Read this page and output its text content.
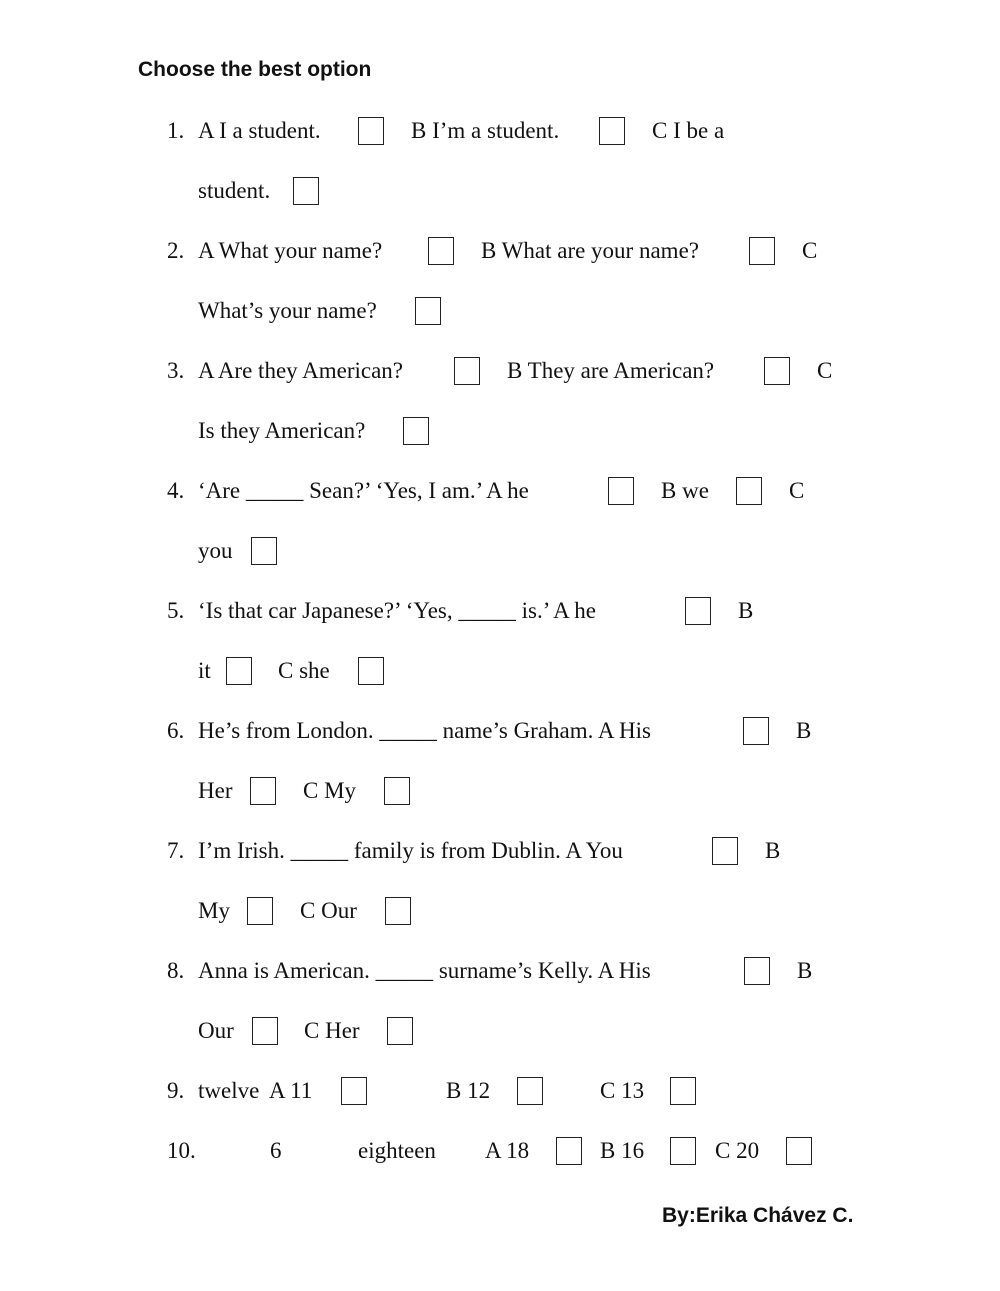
Choose the best option
1. A I a student.	B I’m a student.	C I be a
student.
2. A What your name?	B What are your name?	C
What’s your name?
3. A Are they American?	B They are American?	C
Is they American?
4. ‘Are _____ Sean?’ ‘Yes, I am.’ A he	B we	C
you
5. ‘Is that car Japanese?’ ‘Yes, _____ is.’ A he	B
it	C she
6. He’s from London. _____ name’s Graham. A His	B
Her	C My
7. I’m Irish. _____ family is from Dublin. A You	B
My	C Our
8. Anna is American. _____ surname’s Kelly. A His	B
Our	C Her
9. twelve A 11	B 12	C 13
10.	6	eighteen A 18	B 16	C 20
By:Erika Chávez C.
